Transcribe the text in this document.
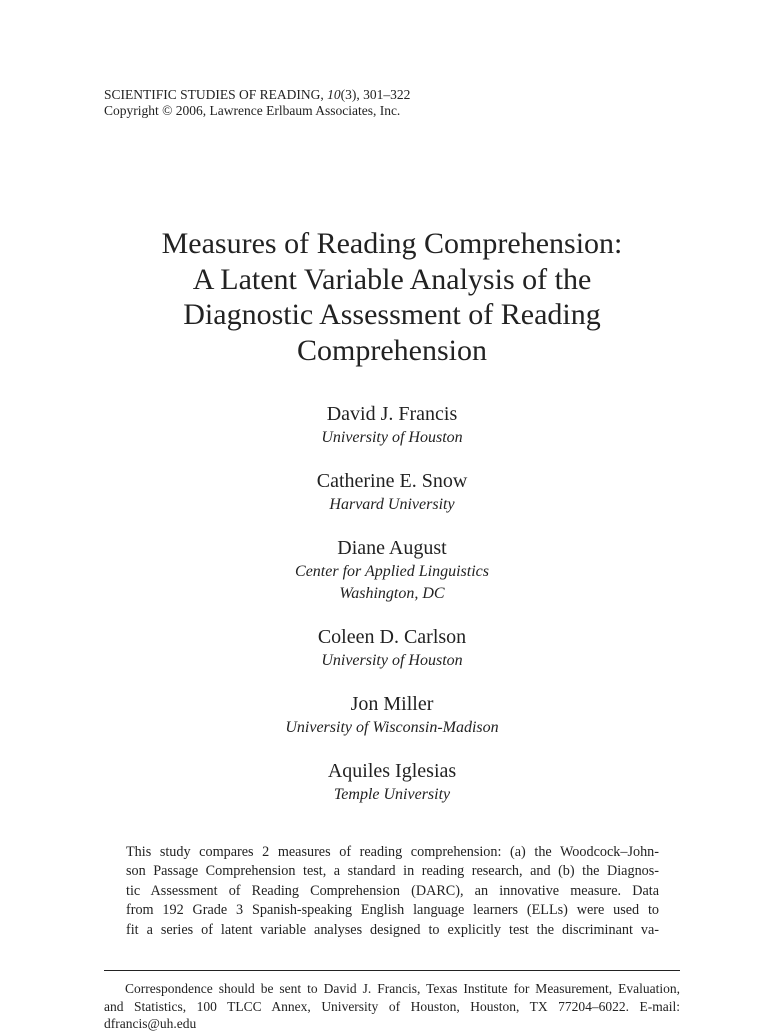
SCIENTIFIC STUDIES OF READING, 10(3), 301–322
Copyright © 2006, Lawrence Erlbaum Associates, Inc.
Measures of Reading Comprehension:
A Latent Variable Analysis of the
Diagnostic Assessment of Reading
Comprehension
David J. Francis
University of Houston
Catherine E. Snow
Harvard University
Diane August
Center for Applied Linguistics
Washington, DC
Coleen D. Carlson
University of Houston
Jon Miller
University of Wisconsin-Madison
Aquiles Iglesias
Temple University
This study compares 2 measures of reading comprehension: (a) the Woodcock–John-
son Passage Comprehension test, a standard in reading research, and (b) the Diagnos-
tic Assessment of Reading Comprehension (DARC), an innovative measure. Data
from 192 Grade 3 Spanish-speaking English language learners (ELLs) were used to
fit a series of latent variable analyses designed to explicitly test the discriminant va-
Correspondence should be sent to David J. Francis, Texas Institute for Measurement, Evaluation,
and Statistics, 100 TLCC Annex, University of Houston, Houston, TX 77204–6022. E-mail:
dfrancis@uh.edu
